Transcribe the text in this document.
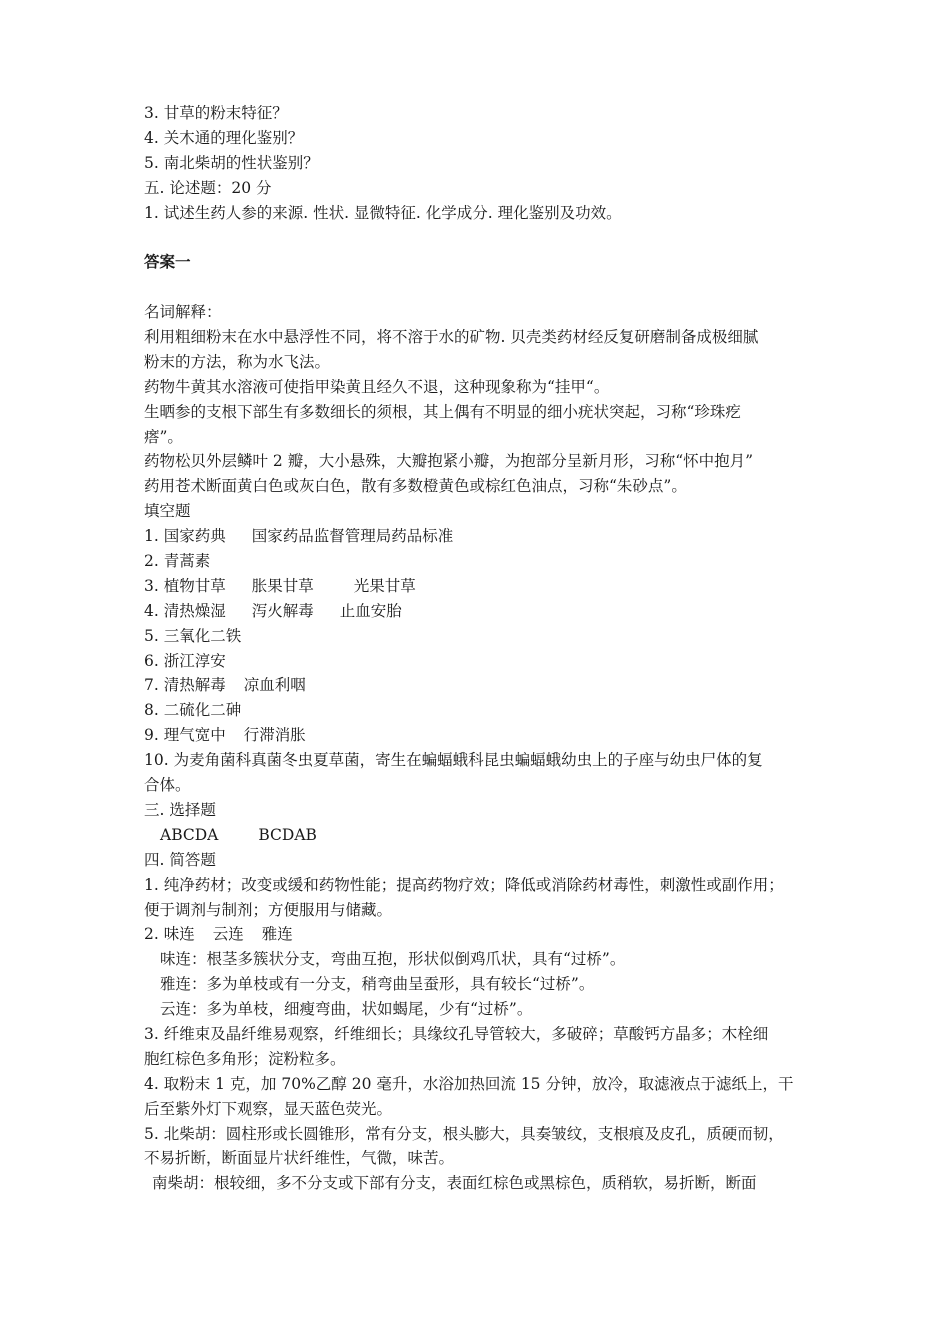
3. 甘草的粉末特征？
4. 关木通的理化鉴别？
5. 南北柴胡的性状鉴别？
五. 论述题：20 分
1. 试述生药人参的来源. 性状. 显微特征. 化学成分. 理化鉴别及功效。
答案一
名词解释：
利用粗细粉末在水中悬浮性不同，将不溶于水的矿物. 贝壳类药材经反复研磨制备成极细腻
粉末的方法，称为水飞法。
药物牛黄其水溶液可使指甲染黄且经久不退，这种现象称为“挂甲“。
生晒参的支根下部生有多数细长的须根，其上偶有不明显的细小疣状突起，习称“珍珠疙
瘩”。
药物松贝外层鳞叶 2 瓣，大小悬殊，大瓣抱紧小瓣，为抱部分呈新月形，习称“怀中抱月”
药用苍术断面黄白色或灰白色，散有多数橙黄色或棕红色油点，习称“朱砂点”。
填空题
1. 国家药典 国家药品监督管理局药品标准
2. 青蒿素
3. 植物甘草 胀果甘草	光果甘草
4. 清热燥湿 泻火解毒 止血安胎
5. 三氧化二铁
6. 浙江淳安
7. 清热解毒 凉血利咽
8. 二硫化二砷
9. 理气宽中 行滞消胀
10. 为麦角菌科真菌冬虫夏草菌，寄生在蝙蝠蛾科昆虫蝙蝠蛾幼虫上的子座与幼虫尸体的复
合体。
三. 选择题
ABCDA	BCDAB
四. 简答题
1. 纯净药材；改变或缓和药物性能；提高药物疗效；降低或消除药材毒性，刺激性或副作用；
便于调剂与制剂；方便服用与储藏。
2. 味连 云连 雅连
味连：根茎多簇状分支，弯曲互抱，形状似倒鸡爪状，具有“过桥”。
雅连：多为单枝或有一分支，稍弯曲呈蚕形，具有较长“过桥”。
云连：多为单枝，细瘦弯曲，状如蝎尾，少有“过桥”。
3. 纤维束及晶纤维易观察，纤维细长；具缘纹孔导管较大，多破碎；草酸钙方晶多；木栓细
胞红棕色多角形；淀粉粒多。
4. 取粉末 1 克，加 70%乙醇 20 毫升，水浴加热回流 15 分钟，放冷，取滤液点于滤纸上，干
后至紫外灯下观察，显天蓝色荧光。
5. 北柴胡：圆柱形或长圆锥形，常有分支，根头膨大，具奏皱纹，支根痕及皮孔，质硬而韧，
不易折断，断面显片状纤维性，气微，味苦。
南柴胡：根较细，多不分支或下部有分支，表面红棕色或黑棕色，质稍软，易折断，断面
